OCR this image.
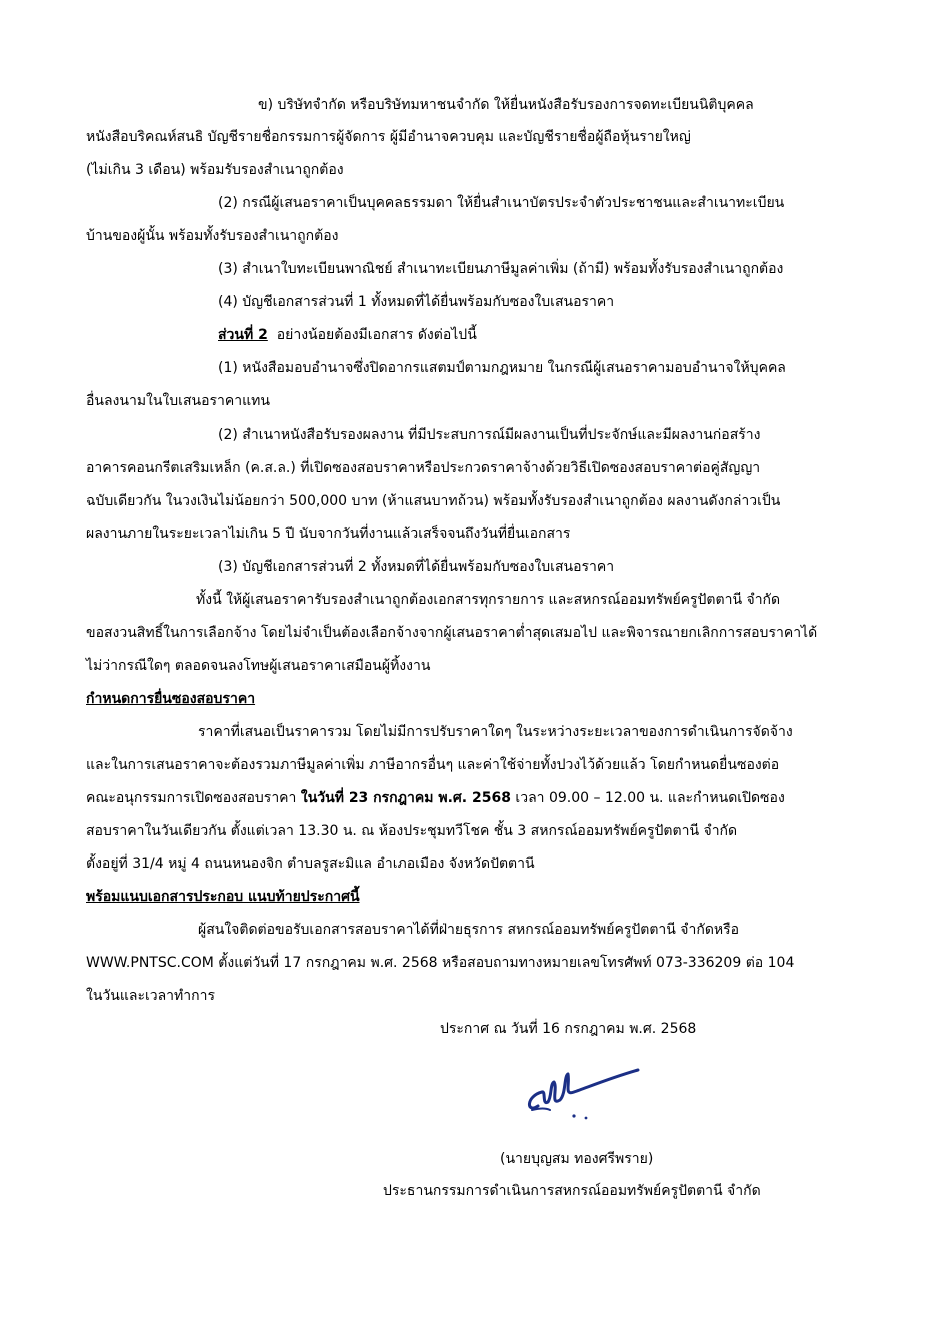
ข) บริษัทจำกัด หรือบริษัทมหาชนจำกัด ให้ยื่นหนังสือรับรองการจดทะเบียนนิติบุคคล
หนังสือบริคณห์สนธิ บัญชีรายชื่อกรรมการผู้จัดการ ผู้มีอำนาจควบคุม และบัญชีรายชื่อผู้ถือหุ้นรายใหญ่
(ไม่เกิน 3 เดือน) พร้อมรับรองสำเนาถูกต้อง
(2) กรณีผู้เสนอราคาเป็นบุคคลธรรมดา ให้ยื่นสำเนาบัตรประจำตัวประชาชนและสำเนาทะเบียน
บ้านของผู้นั้น พร้อมทั้งรับรองสำเนาถูกต้อง
(3) สำเนาใบทะเบียนพาณิชย์ สำเนาทะเบียนภาษีมูลค่าเพิ่ม (ถ้ามี) พร้อมทั้งรับรองสำเนาถูกต้อง
(4) บัญชีเอกสารส่วนที่ 1 ทั้งหมดที่ได้ยื่นพร้อมกับซองใบเสนอราคา
ส่วนที่ 2 อย่างน้อยต้องมีเอกสาร ดังต่อไปนี้
(1) หนังสือมอบอำนาจซึ่งปิดอากรแสตมป์ตามกฎหมาย ในกรณีผู้เสนอราคามอบอำนาจให้บุคคล
อื่นลงนามในใบเสนอราคาแทน
(2) สำเนาหนังสือรับรองผลงาน ที่มีประสบการณ์มีผลงานเป็นที่ประจักษ์และมีผลงานก่อสร้าง
อาคารคอนกรีตเสริมเหล็ก (ค.ส.ล.) ที่เปิดซองสอบราคาหรือประกวดราคาจ้างด้วยวิธีเปิดซองสอบราคาต่อคู่สัญญา
ฉบับเดียวกัน ในวงเงินไม่น้อยกว่า 500,000 บาท (ห้าแสนบาทถ้วน) พร้อมทั้งรับรองสำเนาถูกต้อง ผลงานดังกล่าวเป็น
ผลงานภายในระยะเวลาไม่เกิน 5 ปี นับจากวันที่งานแล้วเสร็จจนถึงวันที่ยื่นเอกสาร
(3) บัญชีเอกสารส่วนที่ 2 ทั้งหมดที่ได้ยื่นพร้อมกับซองใบเสนอราคา
ทั้งนี้ ให้ผู้เสนอราคารับรองสำเนาถูกต้องเอกสารทุกรายการ และสหกรณ์ออมทรัพย์ครูปัตตานี จำกัด
ขอสงวนสิทธิ์ในการเลือกจ้าง โดยไม่จำเป็นต้องเลือกจ้างจากผู้เสนอราคาต่ำสุดเสมอไป และพิจารณายกเลิกการสอบราคาได้
ไม่ว่ากรณีใดๆ ตลอดจนลงโทษผู้เสนอราคาเสมือนผู้ทิ้งงาน
กำหนดการยื่นซองสอบราคา
ราคาที่เสนอเป็นราคารวม โดยไม่มีการปรับราคาใดๆ ในระหว่างระยะเวลาของการดำเนินการจัดจ้าง
และในการเสนอราคาจะต้องรวมภาษีมูลค่าเพิ่ม ภาษีอากรอื่นๆ และค่าใช้จ่ายทั้งปวงไว้ด้วยแล้ว โดยกำหนดยื่นซองต่อ
คณะอนุกรรมการเปิดซองสอบราคา ในวันที่ 23 กรกฎาคม พ.ศ. 2568 เวลา 09.00 – 12.00 น. และกำหนดเปิดซอง
สอบราคาในวันเดียวกัน ตั้งแต่เวลา 13.30 น. ณ ห้องประชุมทวีโชค ชั้น 3 สหกรณ์ออมทรัพย์ครูปัตตานี จำกัด
ตั้งอยู่ที่ 31/4 หมู่ 4 ถนนหนองจิก ตำบลรูสะมิแล อำเภอเมือง จังหวัดปัตตานี
พร้อมแนบเอกสารประกอบ แนบท้ายประกาศนี้
ผู้สนใจติดต่อขอรับเอกสารสอบราคาได้ที่ฝ่ายธุรการ สหกรณ์ออมทรัพย์ครูปัตตานี จำกัดหรือ
WWW.PNTSC.COM ตั้งแต่วันที่ 17 กรกฎาคม พ.ศ. 2568 หรือสอบถามทางหมายเลขโทรศัพท์ 073-336209 ต่อ 104
ในวันและเวลาทำการ
ประกาศ ณ วันที่ 16 กรกฎาคม พ.ศ. 2568
(นายบุญสม ทองศรีพราย)
ประธานกรรมการดำเนินการสหกรณ์ออมทรัพย์ครูปัตตานี จำกัด
